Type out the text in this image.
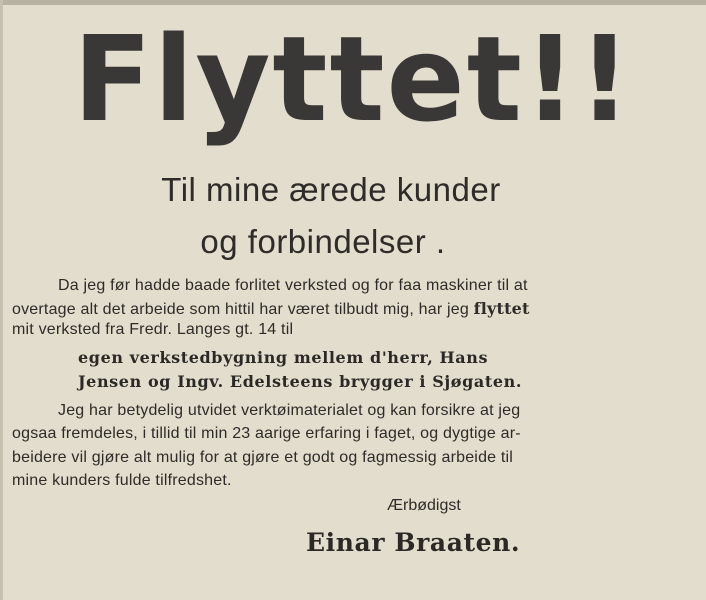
Flyttet!!
Til mine ærede kunder
og forbindelser .
Da jeg før hadde baade forlitet verksted og for faa maskiner til at
overtage alt det arbeide som hittil har været tilbudt mig, har jeg flyttet
mit verksted fra Fredr. Langes gt. 14 til
egen verkstedbygning mellem d'herr, Hans
Jensen og Ingv. Edelsteens brygger i Sjøgaten.
Jeg har betydelig utvidet verktøimaterialet og kan forsikre at jeg
ogsaa fremdeles, i tillid til min 23 aarige erfaring i faget, og dygtige ar-
beidere vil gjøre alt mulig for at gjøre et godt og fagmessig arbeide til
mine kunders fulde tilfredshet.
Ærbødigst
Einar Braaten.
